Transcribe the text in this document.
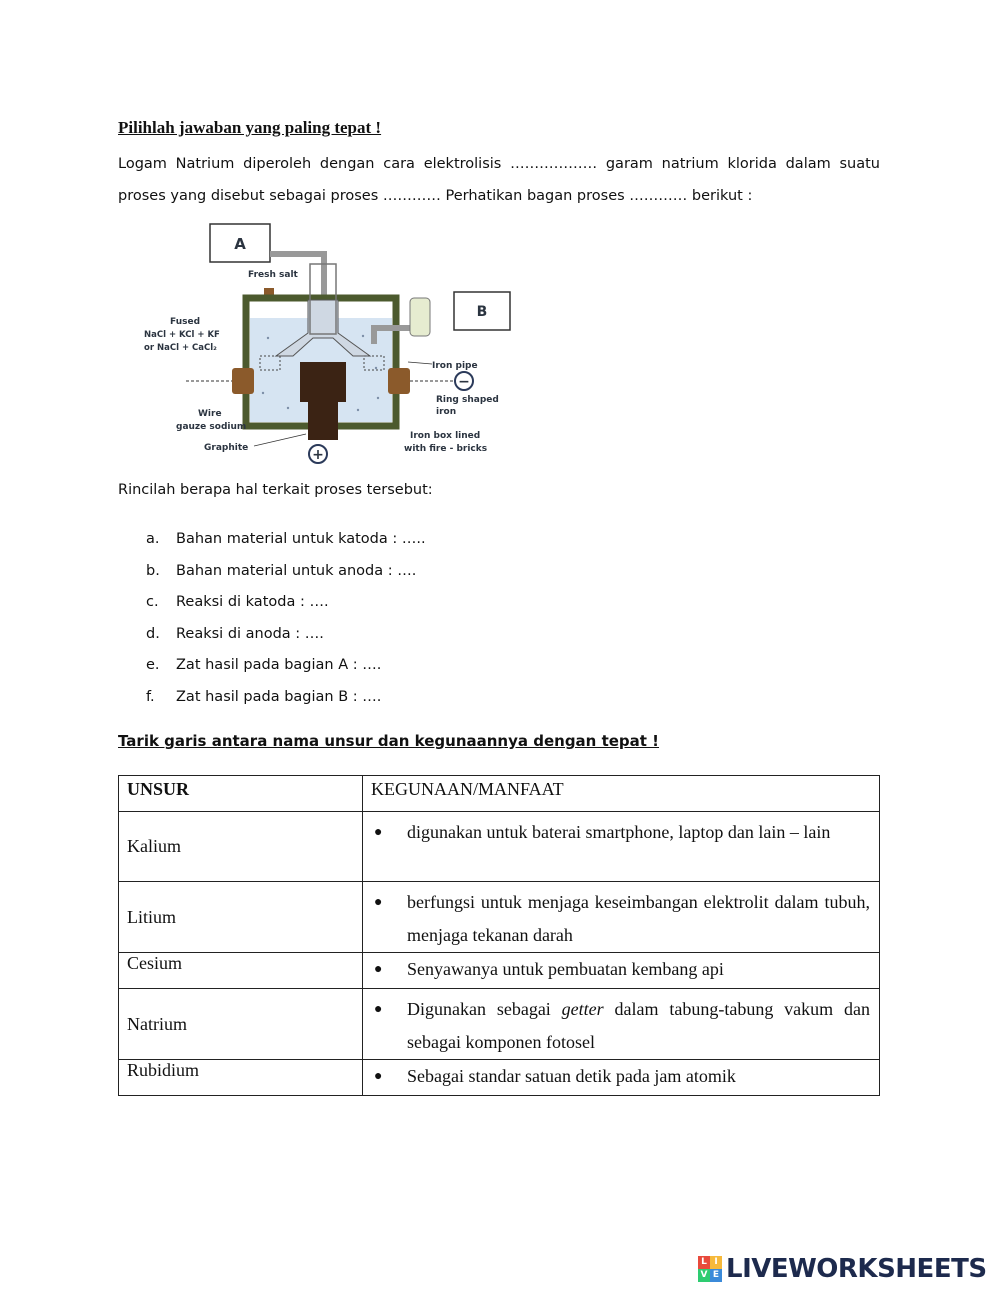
Pilihlah jawaban yang paling tepat !
Logam Natrium diperoleh dengan cara elektrolisis ……………… garam natrium klorida dalam suatu proses yang disebut sebagai proses ………… Perhatikan bagan proses ………… berikut :
A
Fresh salt
B
Fused
NaCl + KCl + KF
or NaCl + CaCl₂
Wire
gauze sodium
Graphite
Iron pipe
Ring shaped
iron
Iron box lined
with fire - bricks
−
+
Rincilah berapa hal terkait proses tersebut:
a.	Bahan material untuk katoda : …..
b.	Bahan material untuk anoda : ….
c.	Reaksi di katoda : ….
d.	Reaksi di anoda : ….
e.	Zat hasil pada bagian A : ….
f.	Zat hasil pada bagian B : ….
Tarik garis antara nama unsur dan kegunaannya dengan tepat !
UNSUR	KEGUNAAN/MANFAAT

Kalium	● digunakan untuk baterai smartphone, laptop dan lain – lain

Litium	● berfungsi untuk menjaga keseimbangan elektrolit dalam tubuh, menjaga tekanan darah

Cesium	● Senyawanya untuk pembuatan kembang api

Natrium	● Digunakan sebagai getter dalam tabung-tabung vakum dan sebagai komponen fotosel

Rubidium	● Sebagai standar satuan detik pada jam atomik
L I
V E LIVEWORKSHEETS
